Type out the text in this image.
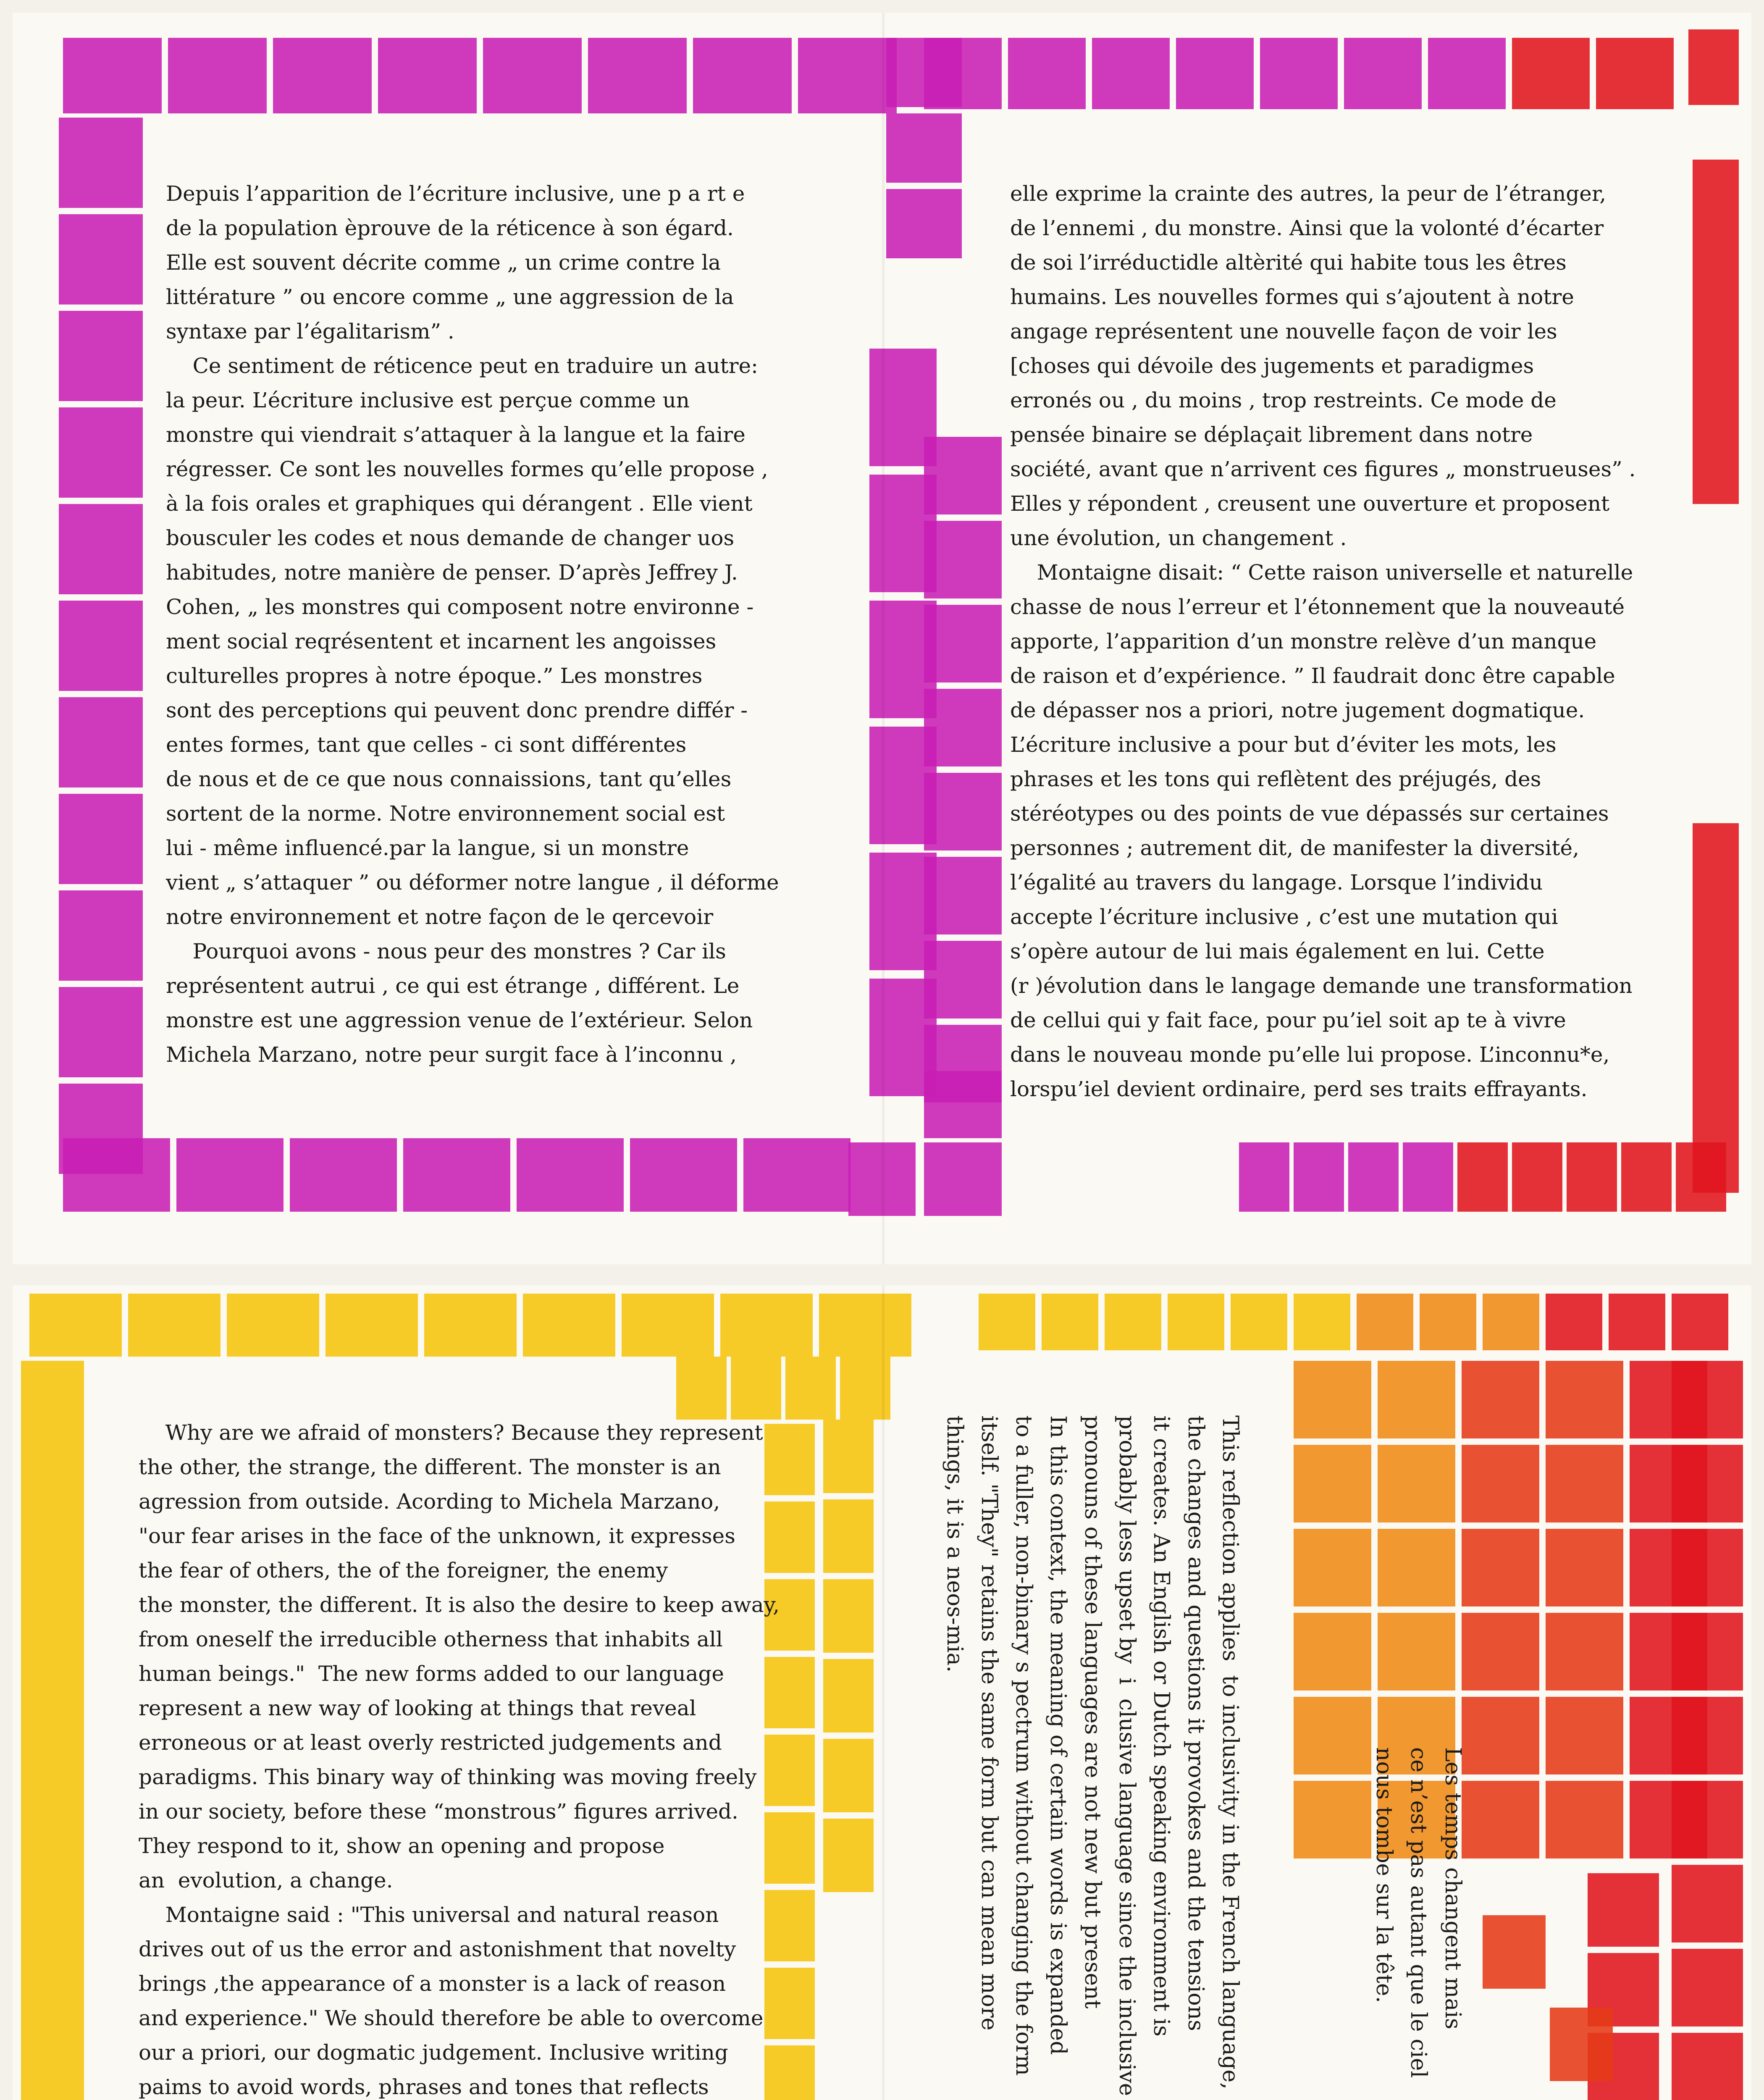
Depuis l’apparition de l’écriture inclusive, une p a rt e

de la population èprouve de la réticence à son égard.

Elle est souvent décrite comme „ un crime contre la

littérature ” ou encore comme „ une aggression de la

syntaxe par l’égalitarism” .

Ce sentiment de réticence peut en traduire un autre:

la peur. L’écriture inclusive est perçue comme un

monstre qui viendrait s’attaquer à la langue et la faire

régresser. Ce sont les nouvelles formes qu’elle propose ,

à la fois orales et graphiques qui dérangent . Elle vient

bousculer les codes et nous demande de changer uos

habitudes, notre manière de penser. D’après Jeffrey J.

Cohen, „ les monstres qui composent notre environne -

ment social reqrésentent et incarnent les angoisses

culturelles propres à notre époque.” Les monstres

sont des perceptions qui peuvent donc prendre différ -

entes formes, tant que celles - ci sont différentes

de nous et de ce que nous connaissions, tant qu’elles

sortent de la norme. Notre environnement social est

lui - même influencé.par la langue, si un monstre

vient „ s’attaquer ” ou déformer notre langue , il déforme

notre environnement et notre façon de le qercevoir

Pourquoi avons - nous peur des monstres ? Car ils

représentent autrui , ce qui est étrange , différent. Le

monstre est une aggression venue de l’extérieur. Selon

Michela Marzano, notre peur surgit face à l’inconnu ,

elle exprime la crainte des autres, la peur de l’étranger,

de l’ennemi , du monstre. Ainsi que la volonté d’écarter

de soi l’irréductidle altèrité qui habite tous les êtres

humains. Les nouvelles formes qui s’ajoutent à notre

angage représentent une nouvelle façon de voir les

[choses qui dévoile des jugements et paradigmes

erronés ou , du moins , trop restreints. Ce mode de

pensée binaire se déplaçait librement dans notre

société, avant que n’arrivent ces figures „ monstrueuses” .

Elles y répondent , creusent une ouverture et proposent

une évolution, un changement .

Montaigne disait: “ Cette raison universelle et naturelle

chasse de nous l’erreur et l’étonnement que la nouveauté

apporte, l’apparition d’un monstre relève d’un manque

de raison et d’expérience. ” Il faudrait donc être capable

de dépasser nos a priori, notre jugement dogmatique.

L’écriture inclusive a pour but d’éviter les mots, les

phrases et les tons qui reflètent des préjugés, des

stéréotypes ou des points de vue dépassés sur certaines

personnes ; autrement dit, de manifester la diversité,

l’égalité au travers du langage. Lorsque l’individu

accepte l’écriture inclusive , c’est une mutation qui

s’opère autour de lui mais également en lui. Cette

(r )évolution dans le langage demande une transformation

de cellui qui y fait face, pour pu’iel soit ap te à vivre

dans le nouveau monde pu’elle lui propose. L’inconnu*e,

lorspu’iel devient ordinaire, perd ses traits effrayants.

Why are we afraid of monsters? Because they represent

the other, the strange, the different. The monster is an

agression from outside. Acording to Michela Marzano,

"our fear arises in the face of the unknown, it expresses

the fear of others, the of the foreigner, the enemy

the monster, the different. It is also the desire to keep away,

from oneself the irreducible otherness that inhabits all

human beings."  The new forms added to our language

represent a new way of looking at things that reveal

erroneous or at least overly restricted judgements and

paradigms. This binary way of thinking was moving freely

in our society, before these “monstrous” figures arrived.

They respond to it, show an opening and propose

an  evolution, a change.

Montaigne said : "This universal and natural reason

drives out of us the error and astonishment that novelty

brings ,the appearance of a monster is a lack of reason

and experience." We should therefore be able to overcome

our a priori, our dogmatic judgement. Inclusive writing

paims to avoid words, phrases and tones that reflects	This reflection applies  to inclusivity in the French language,

the changes and questions it provokes and the tensions

it creates. An English or Dutch speaking environment is

probably less upset by  i  clusive language since the inclusive

pronouns of these languages are not new but present

In this context, the meaning of certain words is expanded

to a fuller, non-binary s pectrum without changing the form

itself. "They" retains the same form but can mean more

things, it is a neos-mia.

Les temps changent mais

ce n’est pas autant que le ciel

nous tombe sur la tête.
